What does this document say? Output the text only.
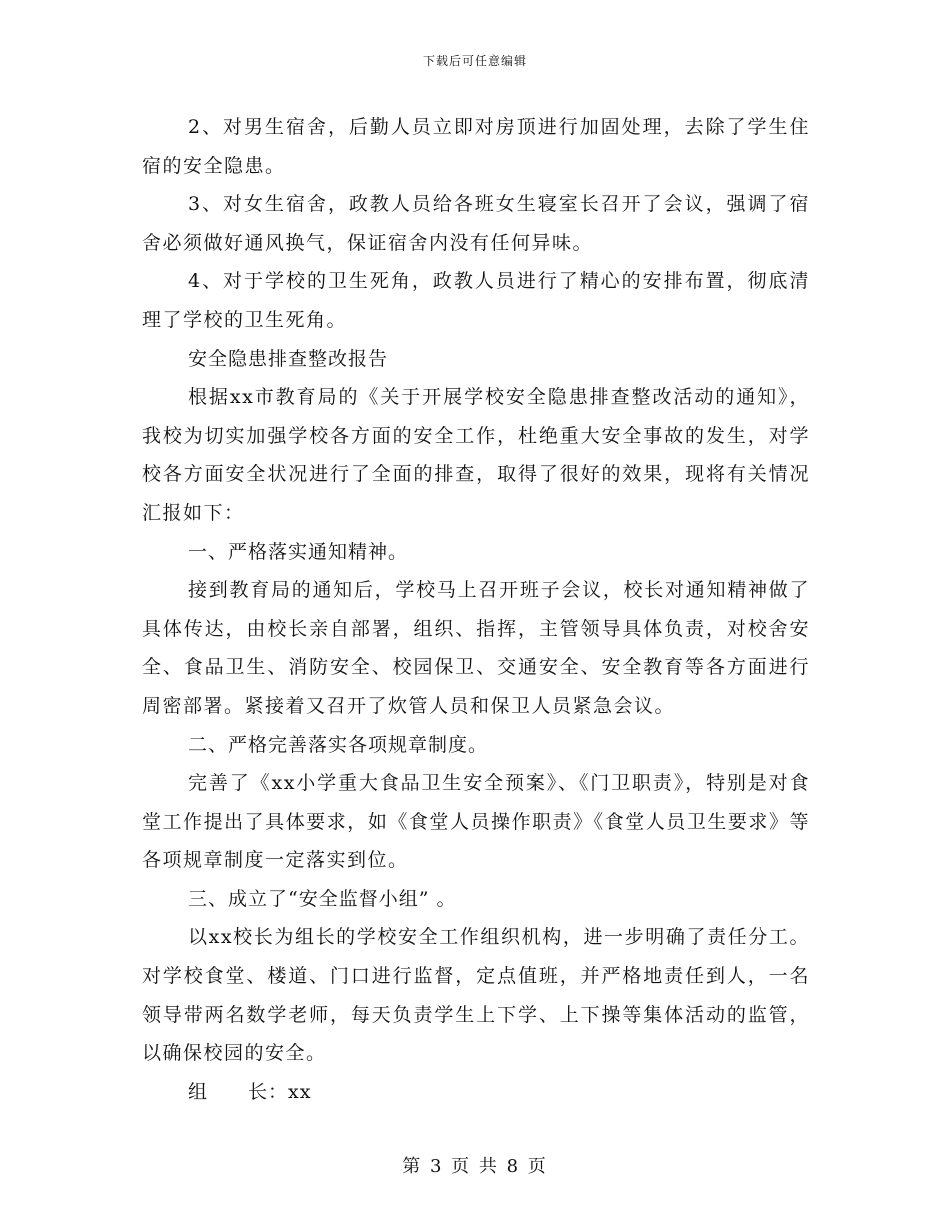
下载后可任意编辑

2、对男生宿舍，后勤人员立即对房顶进行加固处理，去除了学生住宿的安全隐患。

3、对女生宿舍，政教人员给各班女生寝室长召开了会议，强调了宿舍必须做好通风换气，保证宿舍内没有任何异味。

4、对于学校的卫生死角，政教人员进行了精心的安排布置，彻底清理了学校的卫生死角。

安全隐患排查整改报告

根据xx市教育局的《关于开展学校安全隐患排查整改活动的通知》，我校为切实加强学校各方面的安全工作，杜绝重大安全事故的发生，对学校各方面安全状况进行了全面的排查，取得了很好的效果，现将有关情况汇报如下：

一、严格落实通知精神。

接到教育局的通知后，学校马上召开班子会议，校长对通知精神做了具体传达，由校长亲自部署，组织、指挥，主管领导具体负责，对校舍安全、食品卫生、消防安全、校园保卫、交通安全、安全教育等各方面进行周密部署。紧接着又召开了炊管人员和保卫人员紧急会议。

二、严格完善落实各项规章制度。

完善了《xx小学重大食品卫生安全预案》、《门卫职责》，特别是对食堂工作提出了具体要求，如《食堂人员操作职责》《食堂人员卫生要求》等各项规章制度一定落实到位。

三、成立了“安全监督小组” 。

以xx校长为组长的学校安全工作组织机构，进一步明确了责任分工。对学校食堂、楼道、门口进行监督，定点值班，并严格地责任到人，一名领导带两名数学老师，每天负责学生上下学、上下操等集体活动的监管，以确保校园的安全。

组　　长：xx

第 3 页 共 8 页
